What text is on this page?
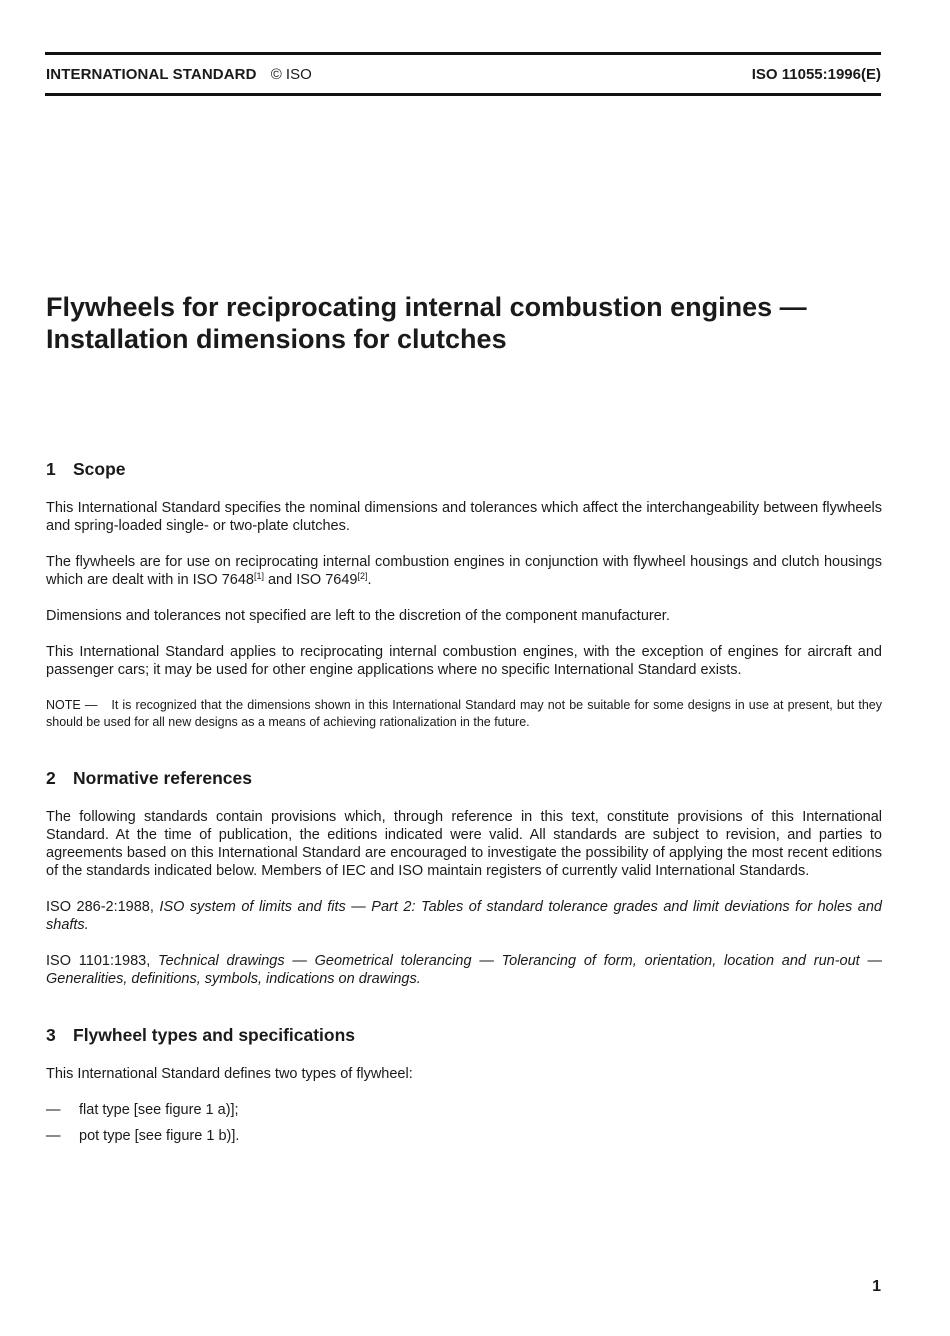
INTERNATIONAL STANDARD © ISO	ISO 11055:1996(E)
Flywheels for reciprocating internal combustion engines —
Installation dimensions for clutches
1 Scope

This International Standard specifies the nominal dimensions and tolerances which affect the interchangeability between flywheels and spring-loaded single- or two-plate clutches.

The flywheels are for use on reciprocating internal combustion engines in conjunction with flywheel housings and clutch housings which are dealt with in ISO 7648[1] and ISO 7649[2].

Dimensions and tolerances not specified are left to the discretion of the component manufacturer.

This International Standard applies to reciprocating internal combustion engines, with the exception of engines for aircraft and passenger cars; it may be used for other engine applications where no specific International Standard exists.

NOTE — It is recognized that the dimensions shown in this International Standard may not be suitable for some designs in use at present, but they should be used for all new designs as a means of achieving rationalization in the future.

2 Normative references

The following standards contain provisions which, through reference in this text, constitute provisions of this International Standard. At the time of publication, the editions indicated were valid. All standards are subject to revision, and parties to agreements based on this International Standard are encouraged to investigate the possibility of applying the most recent editions of the standards indicated below. Members of IEC and ISO maintain registers of currently valid International Standards.

ISO 286-2:1988, ISO system of limits and fits — Part 2: Tables of standard tolerance grades and limit deviations for holes and shafts.

ISO 1101:1983, Technical drawings — Geometrical tolerancing — Tolerancing of form, orientation, location and run-out — Generalities, definitions, symbols, indications on drawings.

3 Flywheel types and specifications

This International Standard defines two types of flywheel:

—	flat type [see figure 1 a)];
—	pot type [see figure 1 b)].
1
